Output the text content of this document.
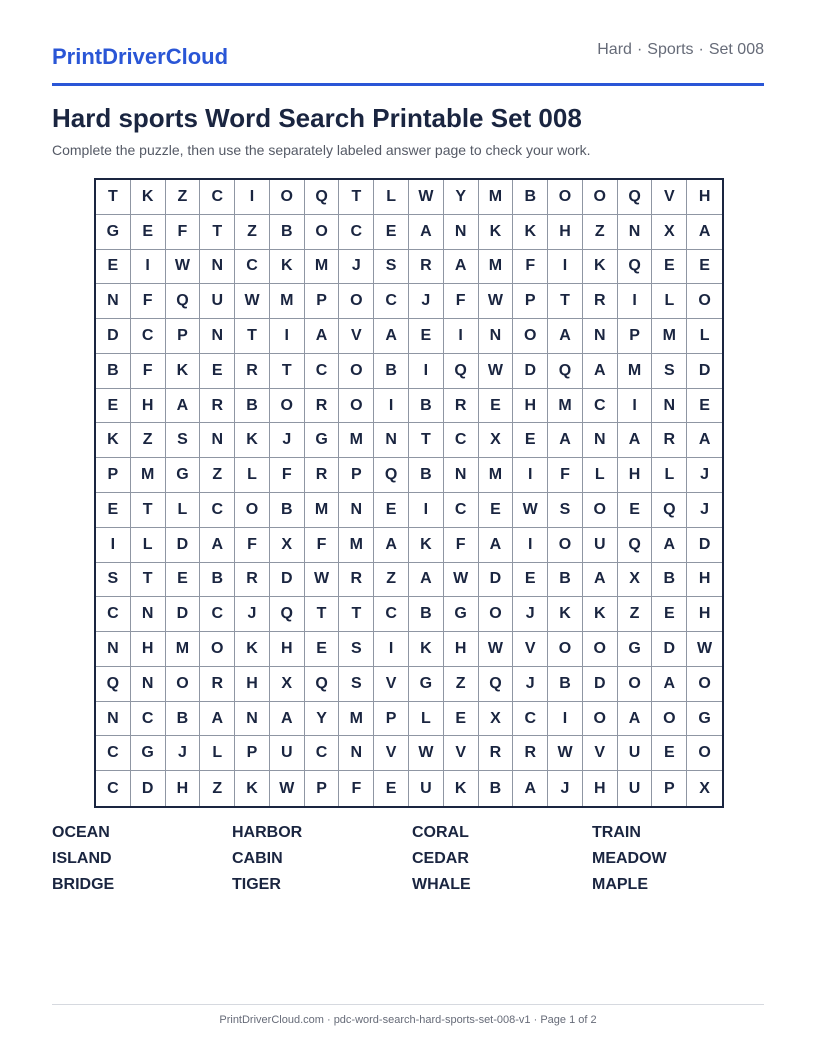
PrintDriverCloud	Hard · Sports · Set 008
Hard sports Word Search Printable Set 008
Complete the puzzle, then use the separately labeled answer page to check your work.
T	K	Z	C	I	O	Q	T	L	W	Y	M	B	O	O	Q	V	H
G	E	F	T	Z	B	O	C	E	A	N	K	K	H	Z	N	X	A
E	I	W	N	C	K	M	J	S	R	A	M	F	I	K	Q	E	E
N	F	Q	U	W	M	P	O	C	J	F	W	P	T	R	I	L	O
D	C	P	N	T	I	A	V	A	E	I	N	O	A	N	P	M	L
B	F	K	E	R	T	C	O	B	I	Q	W	D	Q	A	M	S	D
E	H	A	R	B	O	R	O	I	B	R	E	H	M	C	I	N	E
K	Z	S	N	K	J	G	M	N	T	C	X	E	A	N	A	R	A
P	M	G	Z	L	F	R	P	Q	B	N	M	I	F	L	H	L	J
E	T	L	C	O	B	M	N	E	I	C	E	W	S	O	E	Q	J
I	L	D	A	F	X	F	M	A	K	F	A	I	O	U	Q	A	D
S	T	E	B	R	D	W	R	Z	A	W	D	E	B	A	X	B	H
C	N	D	C	J	Q	T	T	C	B	G	O	J	K	K	Z	E	H
N	H	M	O	K	H	E	S	I	K	H	W	V	O	O	G	D	W
Q	N	O	R	H	X	Q	S	V	G	Z	Q	J	B	D	O	A	O
N	C	B	A	N	A	Y	M	P	L	E	X	C	I	O	A	O	G
C	G	J	L	P	U	C	N	V	W	V	R	R	W	V	U	E	O
C	D	H	Z	K	W	P	F	E	U	K	B	A	J	H	U	P	X
OCEAN	HARBOR	CORAL	TRAIN
ISLAND	CABIN	CEDAR	MEADOW
BRIDGE	TIGER	WHALE	MAPLE
PrintDriverCloud.com · pdc-word-search-hard-sports-set-008-v1 · Page 1 of 2
